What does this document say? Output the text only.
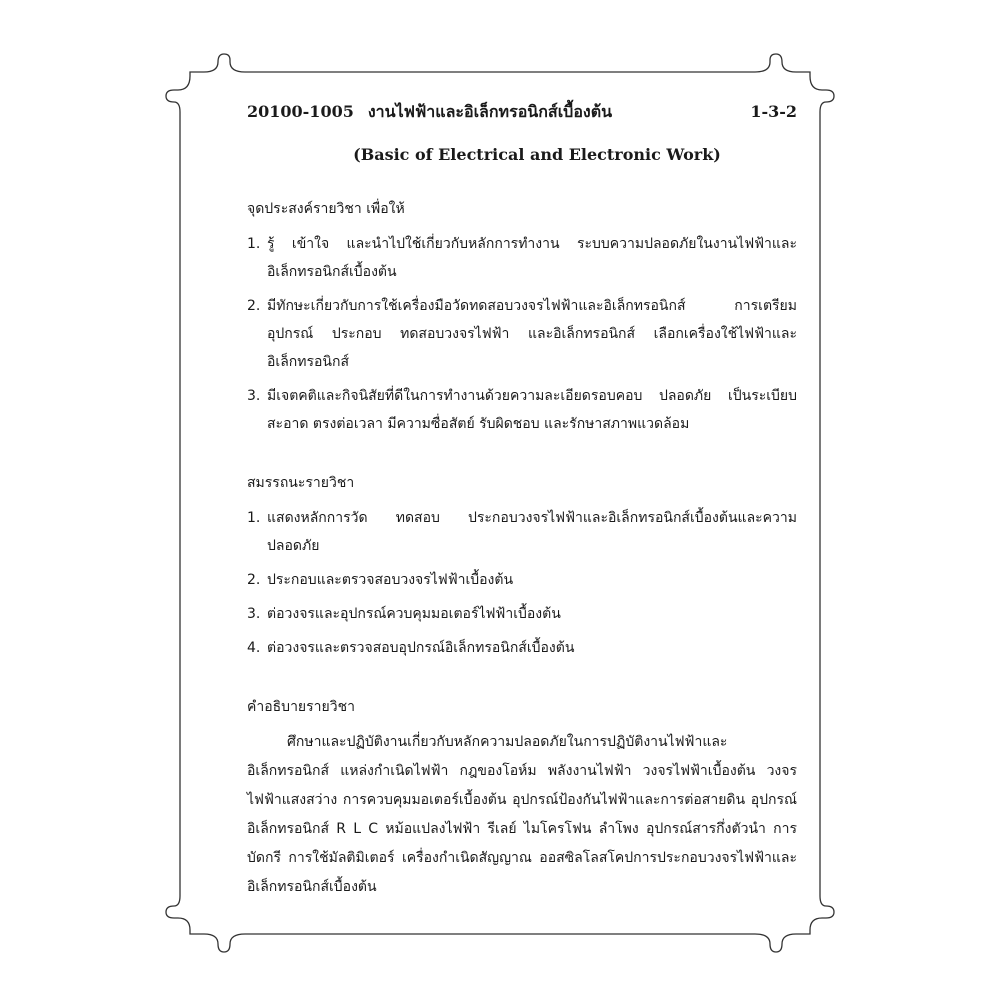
20100-1005 งานไฟฟ้าและอิเล็กทรอนิกส์เบื้องต้น	1-3-2
(Basic of Electrical and Electronic Work)
จุดประสงค์รายวิชา เพื่อให้
1. รู้ เข้าใจ และนำไปใช้เกี่ยวกับหลักการทำงาน ระบบความปลอดภัยในงานไฟฟ้าและอิเล็กทรอนิกส์เบื้องต้น
2. มีทักษะเกี่ยวกับการใช้เครื่องมือวัดทดสอบวงจรไฟฟ้าและอิเล็กทรอนิกส์ การเตรียมอุปกรณ์ ประกอบ ทดสอบวงจรไฟฟ้า และอิเล็กทรอนิกส์ เลือกเครื่องใช้ไฟฟ้าและอิเล็กทรอนิกส์
3. มีเจตคติและกิจนิสัยที่ดีในการทำงานด้วยความละเอียดรอบคอบ ปลอดภัย เป็นระเบียบ สะอาด ตรงต่อเวลา มีความซื่อสัตย์ รับผิดชอบ และรักษาสภาพแวดล้อม
สมรรถนะรายวิชา
1. แสดงหลักการวัด ทดสอบ ประกอบวงจรไฟฟ้าและอิเล็กทรอนิกส์เบื้องต้นและความปลอดภัย
2. ประกอบและตรวจสอบวงจรไฟฟ้าเบื้องต้น
3. ต่อวงจรและอุปกรณ์ควบคุมมอเตอร์ไฟฟ้าเบื้องต้น
4. ต่อวงจรและตรวจสอบอุปกรณ์อิเล็กทรอนิกส์เบื้องต้น
คำอธิบายรายวิชา

ศึกษาและปฏิบัติงานเกี่ยวกับหลักความปลอดภัยในการปฏิบัติงานไฟฟ้าและอิเล็กทรอนิกส์ แหล่งกำเนิดไฟฟ้า กฎของโอห์ม พลังงานไฟฟ้า วงจรไฟฟ้าเบื้องต้น วงจรไฟฟ้าแสงสว่าง การควบคุมมอเตอร์เบื้องต้น อุปกรณ์ป้องกันไฟฟ้าและการต่อสายดิน อุปกรณ์อิเล็กทรอนิกส์ R L C หม้อแปลงไฟฟ้า รีเลย์ ไมโครโฟน ลำโพง อุปกรณ์สารกึ่งตัวนำ การบัดกรี การใช้มัลติมิเตอร์ เครื่องกำเนิดสัญญาณ ออสซิลโลสโคปการประกอบวงจรไฟฟ้าและอิเล็กทรอนิกส์เบื้องต้น
